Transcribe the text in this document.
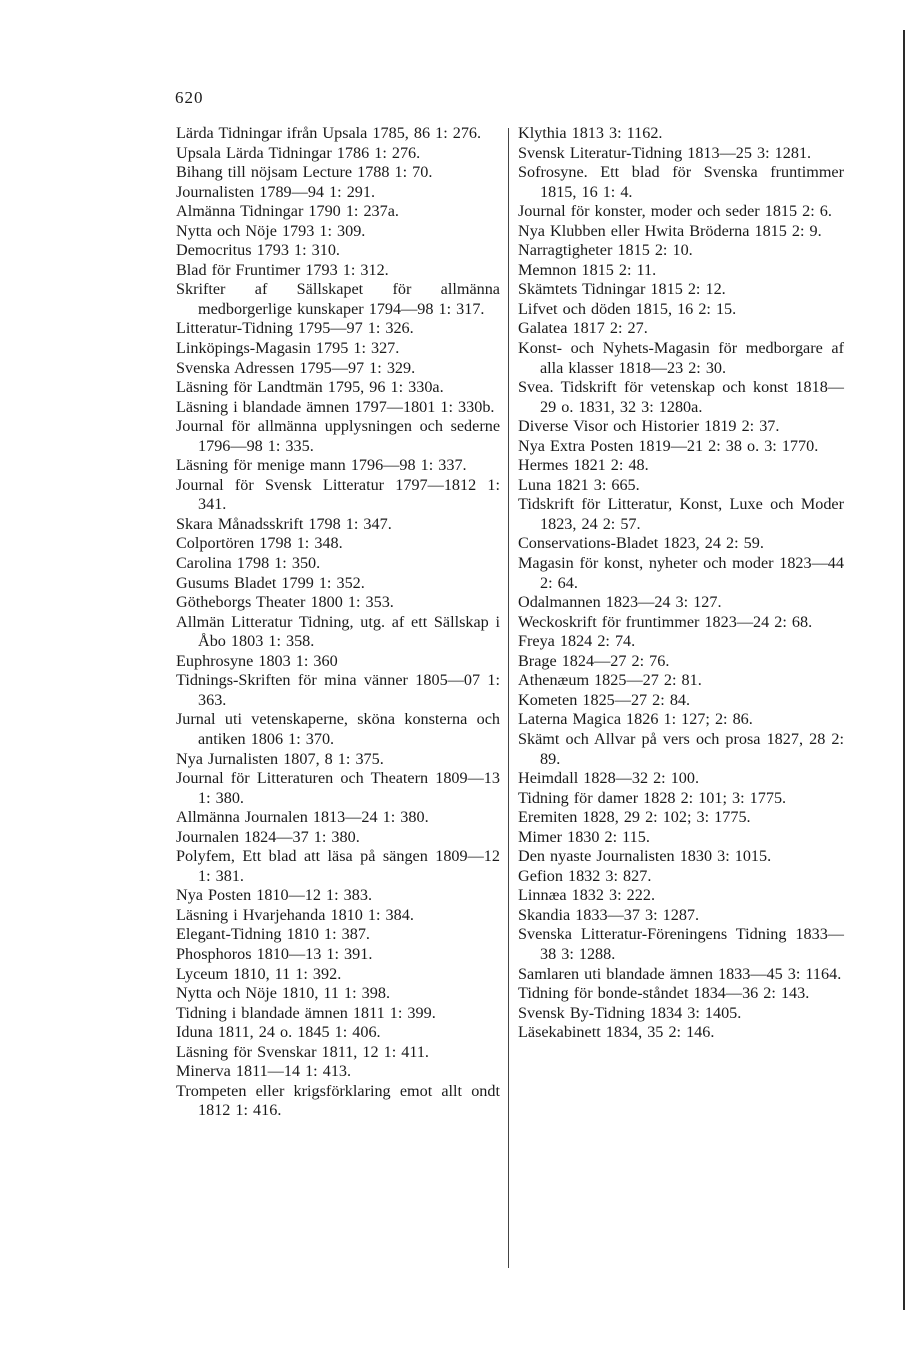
620
Lärda Tidningar ifrån Upsala 1785, 86 1: 276.
Upsala Lärda Tidningar 1786 1: 276.
Bihang till nöjsam Lecture 1788 1: 70.
Journalisten 1789—94 1: 291.
Almänna Tidningar 1790 1: 237a.
Nytta och Nöje 1793 1: 309.
Democritus 1793 1: 310.
Blad för Fruntimer 1793 1: 312.
Skrifter af Sällskapet för allmänna medborgerlige kunskaper 1794—98 1: 317.
Litteratur-Tidning 1795—97 1: 326.
Linköpings-Magasin 1795 1: 327.
Svenska Adressen 1795—97 1: 329.
Läsning för Landtmän 1795, 96 1: 330a.
Läsning i blandade ämnen 1797—1801 1: 330b.
Journal för allmänna upplysningen och sederne 1796—98 1: 335.
Läsning för menige mann 1796—98 1: 337.
Journal för Svensk Litteratur 1797—1812 1: 341.
Skara Månadsskrift 1798 1: 347.
Colportören 1798 1: 348.
Carolina 1798 1: 350.
Gusums Bladet 1799 1: 352.
Götheborgs Theater 1800 1: 353.
Allmän Litteratur Tidning, utg. af ett Sällskap i Åbo 1803 1: 358.
Euphrosyne 1803 1: 360
Tidnings-Skriften för mina vänner 1805—07 1: 363.
Jurnal uti vetenskaperne, sköna konsterna och antiken 1806 1: 370.
Nya Jurnalisten 1807, 8 1: 375.
Journal för Litteraturen och Theatern 1809—13 1: 380.
Allmänna Journalen 1813—24 1: 380.
Journalen 1824—37 1: 380.
Polyfem, Ett blad att läsa på sängen 1809—12 1: 381.
Nya Posten 1810—12 1: 383.
Läsning i Hvarjehanda 1810 1: 384.
Elegant-Tidning 1810 1: 387.
Phosphoros 1810—13 1: 391.
Lyceum 1810, 11 1: 392.
Nytta och Nöje 1810, 11 1: 398.
Tidning i blandade ämnen 1811 1: 399.
Iduna 1811, 24 o. 1845 1: 406.
Läsning för Svenskar 1811, 12 1: 411.
Minerva 1811—14 1: 413.
Trompeten eller krigsförklaring emot allt ondt 1812 1: 416.
Klythia 1813 3: 1162.
Svensk Literatur-Tidning 1813—25 3: 1281.
Sofrosyne. Ett blad för Svenska fruntimmer 1815, 16 1: 4.
Journal för konster, moder och seder 1815 2: 6.
Nya Klubben eller Hwita Bröderna 1815 2: 9.
Narragtigheter 1815 2: 10.
Memnon 1815 2: 11.
Skämtets Tidningar 1815 2: 12.
Lifvet och döden 1815, 16 2: 15.
Galatea 1817 2: 27.
Konst- och Nyhets-Magasin för medborgare af alla klasser 1818—23 2: 30.
Svea. Tidskrift för vetenskap och konst 1818—29 o. 1831, 32 3: 1280a.
Diverse Visor och Historier 1819 2: 37.
Nya Extra Posten 1819—21 2: 38 o. 3: 1770.
Hermes 1821 2: 48.
Luna 1821 3: 665.
Tidskrift för Litteratur, Konst, Luxe och Moder 1823, 24 2: 57.
Conservations-Bladet 1823, 24 2: 59.
Magasin för konst, nyheter och moder 1823—44 2: 64.
Odalmannen 1823—24 3: 127.
Weckoskrift för fruntimmer 1823—24 2: 68.
Freya 1824 2: 74.
Brage 1824—27 2: 76.
Athenæum 1825—27 2: 81.
Kometen 1825—27 2: 84.
Laterna Magica 1826 1: 127; 2: 86.
Skämt och Allvar på vers och prosa 1827, 28 2: 89.
Heimdall 1828—32 2: 100.
Tidning för damer 1828 2: 101; 3: 1775.
Eremiten 1828, 29 2: 102; 3: 1775.
Mimer 1830 2: 115.
Den nyaste Journalisten 1830 3: 1015.
Gefion 1832 3: 827.
Linnæa 1832 3: 222.
Skandia 1833—37 3: 1287.
Svenska Litteratur-Föreningens Tidning 1833—38 3: 1288.
Samlaren uti blandade ämnen 1833—45 3: 1164.
Tidning för bonde-ståndet 1834—36 2: 143.
Svensk By-Tidning 1834 3: 1405.
Läsekabinett 1834, 35 2: 146.
